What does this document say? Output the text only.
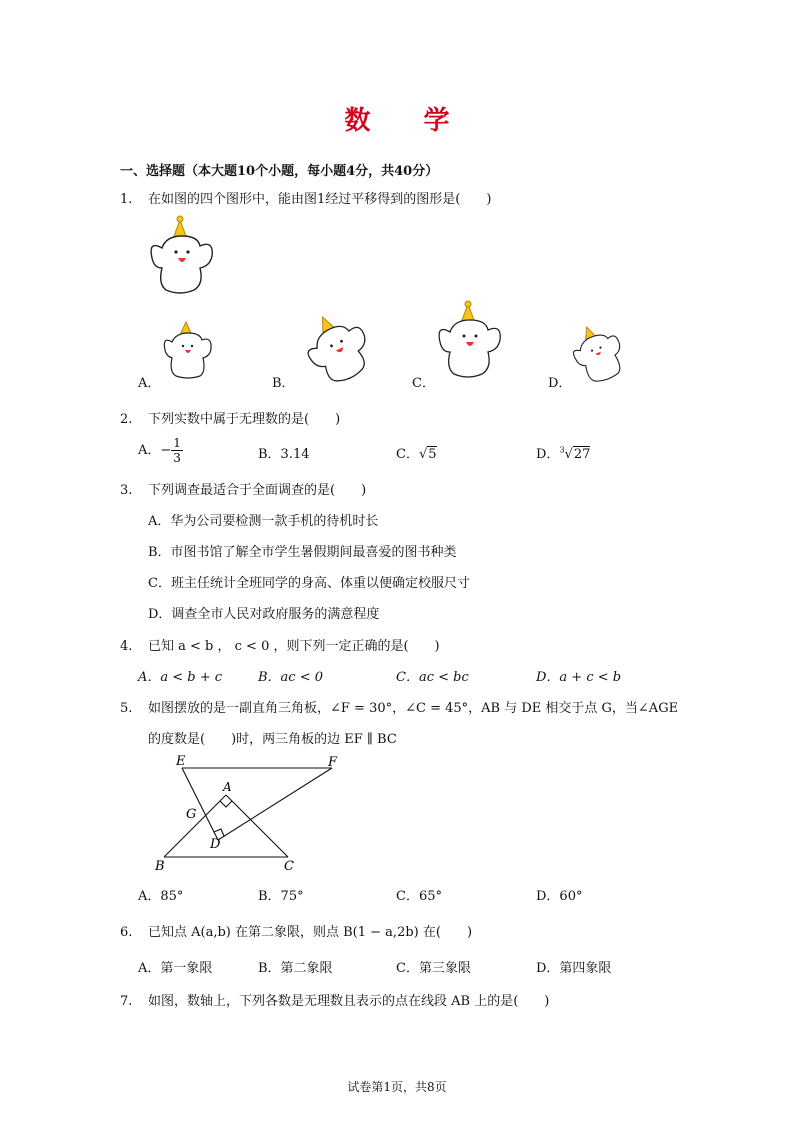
数 学
一、选择题（本大题10个小题，每小题4分，共40分）
1. 在如图的四个图形中，能由图1经过平移得到的图形是(　　)
A．	B．	C．	D．
2. 下列实数中属于无理数的是(　　)
A．− $\frac{1}{3}$	B．3.14	C．√5	D．$^3$√27
3. 下列调查最适合于全面调查的是(　　)
A．华为公司要检测一款手机的待机时长
B．市图书馆了解全市学生暑假期间最喜爱的图书种类
C．班主任统计全班同学的身高、体重以便确定校服尺寸
D．调查全市人民对政府服务的满意程度
4. 已知 a < b ， c < 0 ，则下列一定正确的是(　　)
A．a < b + c	B．ac < 0	C．ac < bc	D．a + c < b
5. 如图摆放的是一副直角三角板，∠F = 30°，∠C = 45°，AB 与 DE 相交于点 G，当∠AGE
的度数是(　　)时，两三角板的边 EF ∥ BC
E	F
A
G
D
B	C
A．85°	B．75°	C．65°	D．60°
6. 已知点 A(a,b) 在第二象限，则点 B(1 − a,2b) 在(　　)
A．第一象限	B．第二象限	C．第三象限	D．第四象限
7. 如图，数轴上，下列各数是无理数且表示的点在线段 AB 上的是(　　)
试卷第1页，共8页
